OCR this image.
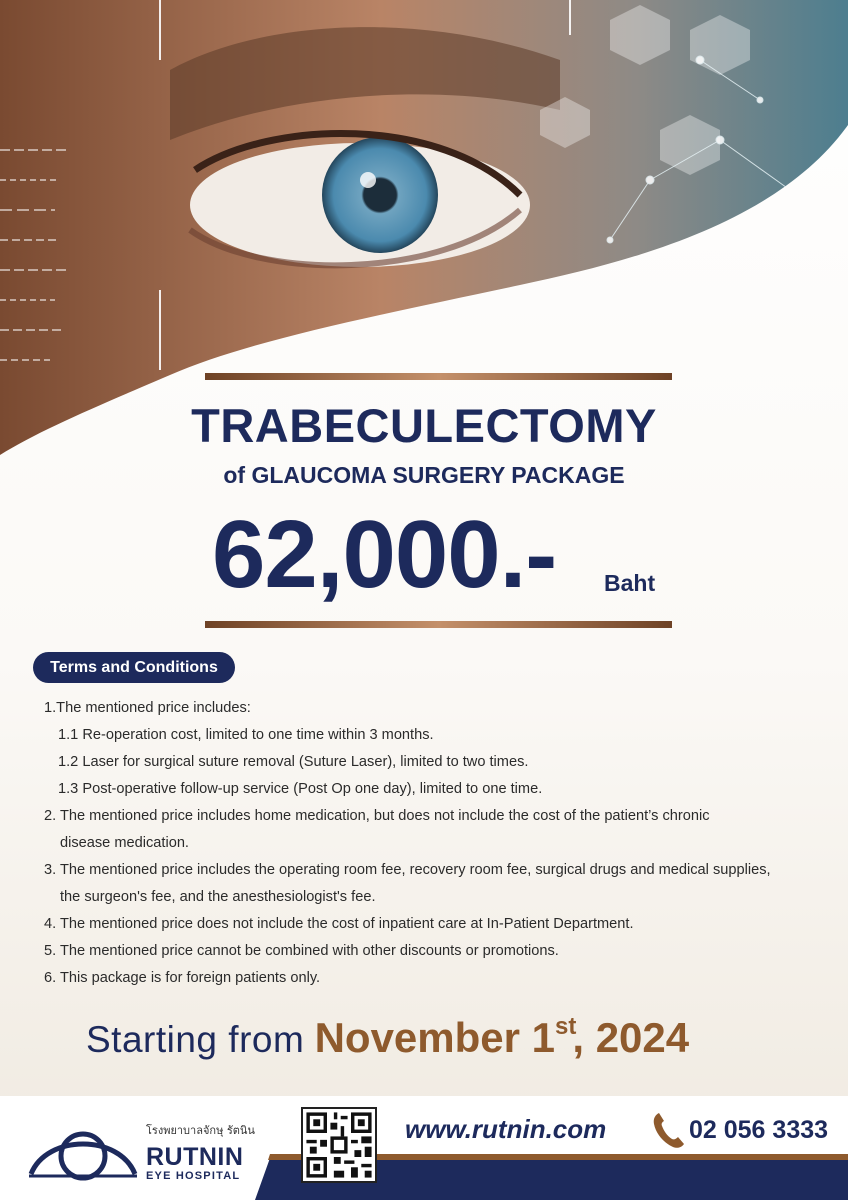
TRABECULECTOMY
of GLAUCOMA SURGERY PACKAGE
62,000.- Baht
Terms and Conditions
1.The mentioned price includes:
1.1 Re-operation cost, limited to one time within 3 months.
1.2 Laser for surgical suture removal (Suture Laser), limited to two times.
1.3 Post-operative follow-up service (Post Op one day), limited to one time.
2. The mentioned price includes home medication, but does not include the cost of the patient’s chronic
disease medication.
3. The mentioned price includes the operating room fee, recovery room fee, surgical drugs and medical supplies,
the surgeon's fee, and the anesthesiologist's fee.
4. The mentioned price does not include the cost of inpatient care at In-Patient Department.
5. The mentioned price cannot be combined with other discounts or promotions.
6. This package is for foreign patients only.
Starting from November 1st, 2024
โรงพยาบาลจักษุ รัตนิน
RUTNIN
EYE HOSPITAL
www.rutnin.com	02 056 3333
